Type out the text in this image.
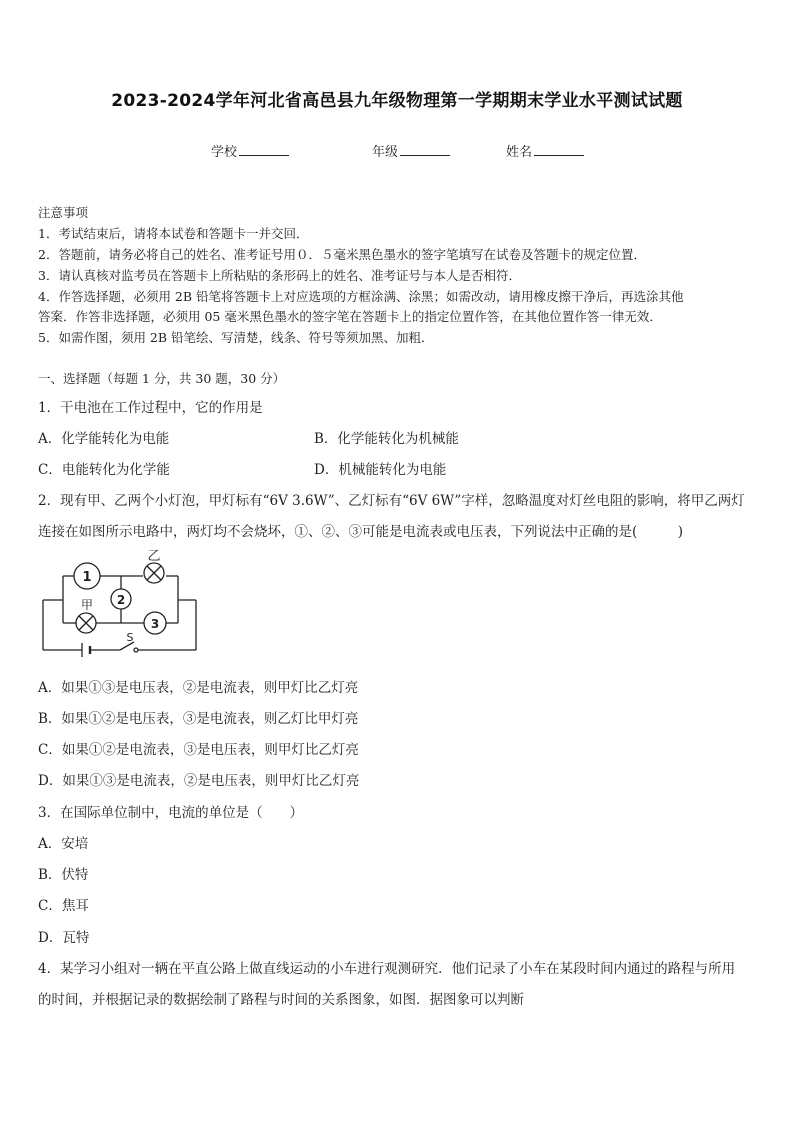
2023-2024学年河北省高邑县九年级物理第一学期期末学业水平测试试题
学校	年级	姓名
注意事项
1．考试结束后，请将本试卷和答题卡一并交回．
2．答题前，请务必将自己的姓名、准考证号用０．５毫米黑色墨水的签字笔填写在试卷及答题卡的规定位置．
3．请认真核对监考员在答题卡上所粘贴的条形码上的姓名、准考证号与本人是否相符．
4．作答选择题，必须用 2B 铅笔将答题卡上对应选项的方框涂满、涂黑；如需改动，请用橡皮擦干净后，再选涂其他
答案．作答非选择题，必须用 05 毫米黑色墨水的签字笔在答题卡上的指定位置作答，在其他位置作答一律无效．
5．如需作图，须用 2B 铅笔绘、写清楚，线条、符号等须加黑、加粗．
一、选择题（每题 1 分，共 30 题，30 分）
1．干电池在工作过程中，它的作用是
A．化学能转化为电能	B．化学能转化为机械能
C．电能转化为化学能	D．机械能转化为电能
2．现有甲、乙两个小灯泡，甲灯标有“6V 3.6W”、乙灯标有“6V 6W”字样，忽略温度对灯丝电阻的影响，将甲乙两灯
连接在如图所示电路中，两灯均不会烧坏，①、②、③可能是电流表或电压表，下列说法中正确的是(　　　)
1
2
3
乙
甲
S
A．如果①③是电压表，②是电流表，则甲灯比乙灯亮
B．如果①②是电压表，③是电流表，则乙灯比甲灯亮
C．如果①②是电流表，③是电压表，则甲灯比乙灯亮
D．如果①③是电流表，②是电压表，则甲灯比乙灯亮
3．在国际单位制中，电流的单位是（　　）
A．安培
B．伏特
C．焦耳
D．瓦特
4．某学习小组对一辆在平直公路上做直线运动的小车进行观测研究．他们记录了小车在某段时间内通过的路程与所用
的时间，并根据记录的数据绘制了路程与时间的关系图象，如图．据图象可以判断
